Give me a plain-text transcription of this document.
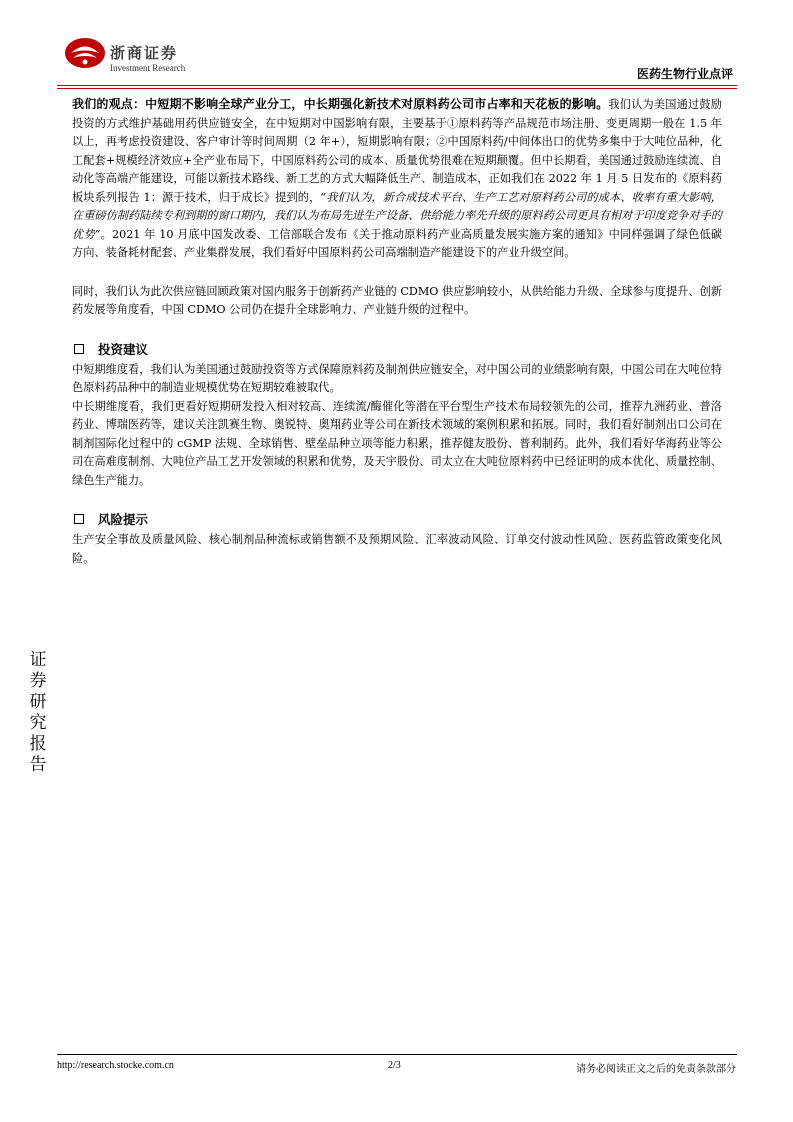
浙商证券
Investment Research	医药生物行业点评
证
券
研
究
报
告

我们的观点：中短期不影响全球产业分工，中长期强化新技术对原料药公司市占率和天花板的影响。我们认为美国通过鼓励投资的方式维护基础用药供应链安全，在中短期对中国影响有限，主要基于①原料药等产品规范市场注册、变更周期一般在 1.5 年以上，再考虑投资建设、客户审计等时间周期（2 年+），短期影响有限；②中国原料药/中间体出口的优势多集中于大吨位品种，化工配套+规模经济效应+全产业布局下，中国原料药公司的成本、质量优势很难在短期颠覆。但中长期看，美国通过鼓励连续流、自动化等高端产能建设，可能以新技术路线、新工艺的方式大幅降低生产、制造成本，正如我们在 2022 年 1 月 5 日发布的《原料药板块系列报告 1：源于技术，归于成长》提到的，“我们认为，新合成技术平台、生产工艺对原料药公司的成本、收率有重大影响，在重磅仿制药陆续专利到期的窗口期内，我们认为布局先进生产设备、供给能力率先升级的原料药公司更具有相对于印度竞争对手的优势”。2021 年 10 月底中国发改委、工信部联合发布《关于推动原料药产业高质量发展实施方案的通知》中同样强调了绿色低碳方向、装备耗材配套、产业集群发展，我们看好中国原料药公司高端制造产能建设下的产业升级空间。

同时，我们认为此次供应链回顾政策对国内服务于创新药产业链的 CDMO 供应影响较小，从供给能力升级、全球参与度提升、创新药发展等角度看，中国 CDMO 公司仍在提升全球影响力、产业链升级的过程中。

投资建议

中短期维度看，我们认为美国通过鼓励投资等方式保障原料药及制剂供应链安全，对中国公司的业绩影响有限，中国公司在大吨位特色原料药品种中的制造业规模优势在短期较难被取代。

中长期维度看，我们更看好短期研发投入相对较高、连续流/酶催化等潜在平台型生产技术布局较领先的公司，推荐九洲药业、普洛药业、博瑞医药等，建议关注凯赛生物、奥锐特、奥翔药业等公司在新技术领域的案例积累和拓展。同时，我们看好制剂出口公司在制剂国际化过程中的 cGMP 法规、全球销售、壁垒品种立项等能力积累，推荐健友股份、普利制药。此外，我们看好华海药业等公司在高难度制剂、大吨位产品工艺开发领域的积累和优势，及天宇股份、司太立在大吨位原料药中已经证明的成本优化、质量控制、绿色生产能力。

风险提示

生产安全事故及质量风险、核心制剂品种流标或销售额不及预期风险、汇率波动风险、订单交付波动性风险、医药监管政策变化风险。

http://research.stocke.com.cn	2/3	请务必阅读正文之后的免责条款部分
